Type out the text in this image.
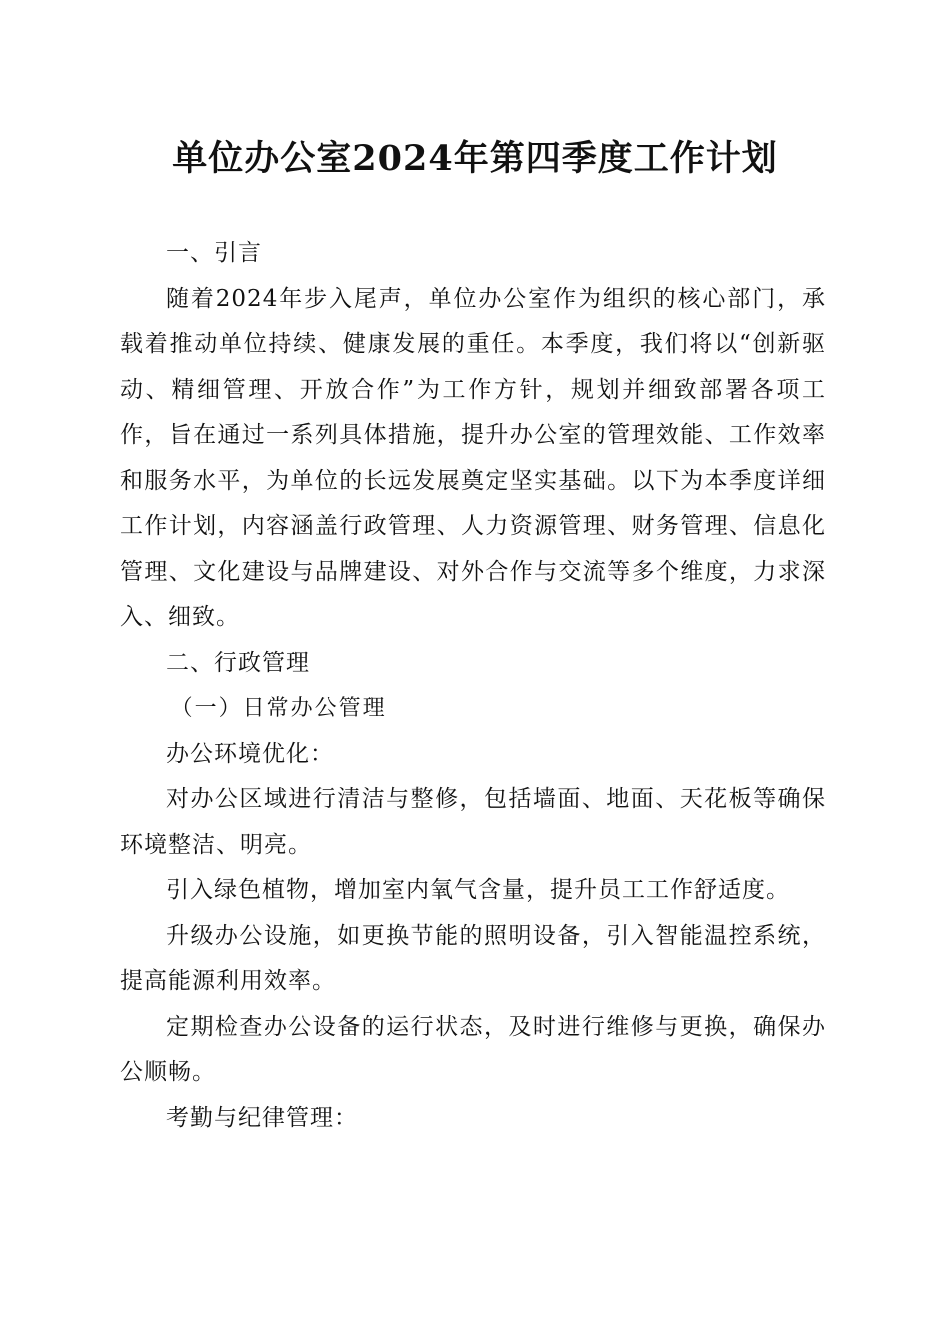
单位办公室2024年第四季度工作计划
一、引言

随着2024年步入尾声，单位办公室作为组织的核心部门，承载着推动单位持续、健康发展的重任。本季度，我们将以“创新驱动、精细管理、开放合作”为工作方针，规划并细致部署各项工作，旨在通过一系列具体措施，提升办公室的管理效能、工作效率和服务水平，为单位的长远发展奠定坚实基础。以下为本季度详细工作计划，内容涵盖行政管理、人力资源管理、财务管理、信息化管理、文化建设与品牌建设、对外合作与交流等多个维度，力求深入、细致。

二、行政管理
（一）日常办公管理

办公环境优化：

对办公区域进行清洁与整修，包括墙面、地面、天花板等确保环境整洁、明亮。

引入绿色植物，增加室内氧气含量，提升员工工作舒适度。

升级办公设施，如更换节能的照明设备，引入智能温控系统，提高能源利用效率。

定期检查办公设备的运行状态，及时进行维修与更换，确保办公顺畅。

考勤与纪律管理：
